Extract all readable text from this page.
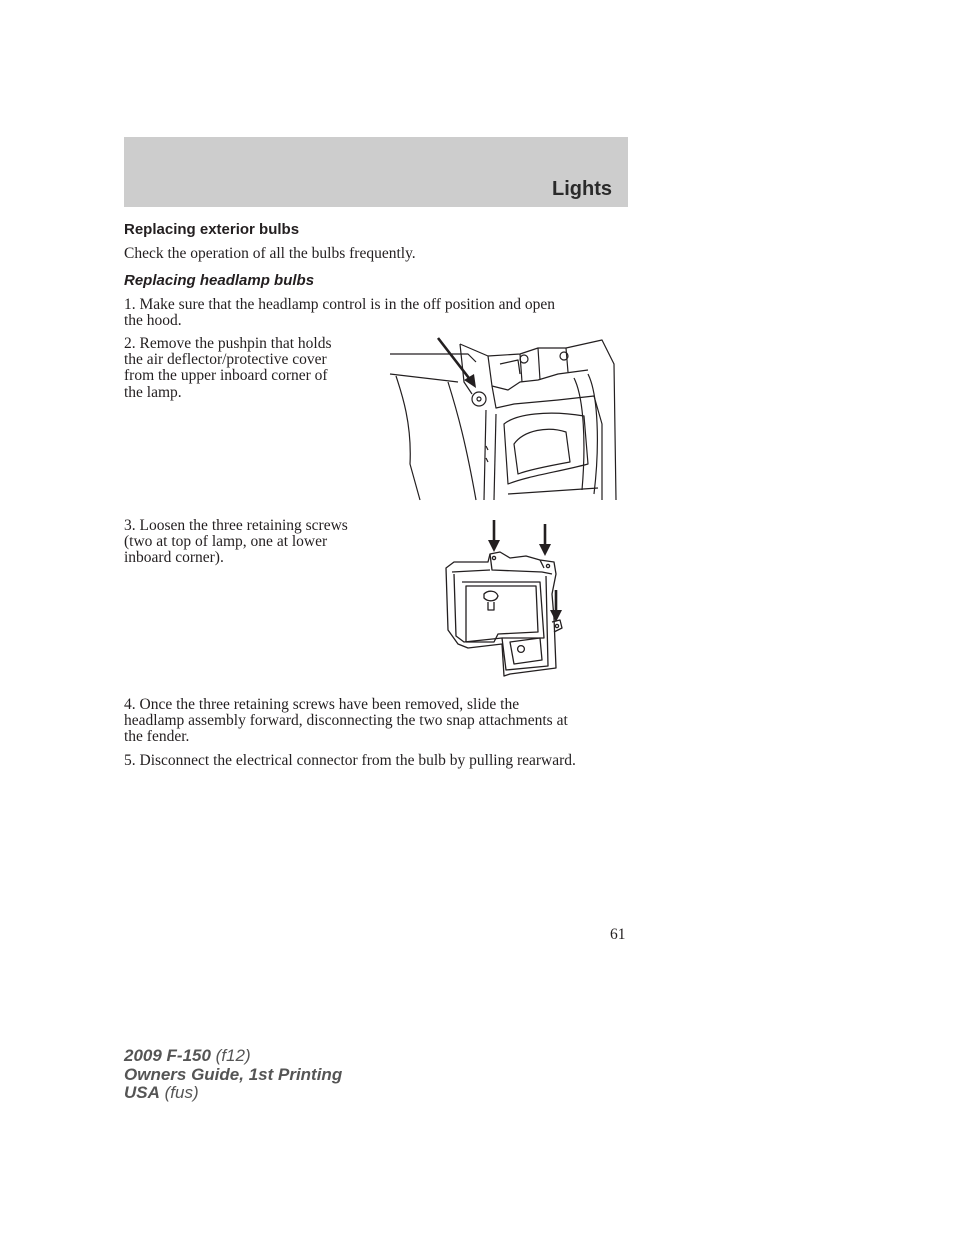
Lights
Replacing exterior bulbs
Check the operation of all the bulbs frequently.
Replacing headlamp bulbs
1. Make sure that the headlamp control is in the off position and open
the hood.
2. Remove the pushpin that holds
the air deflector/protective cover
from the upper inboard corner of
the lamp.
3. Loosen the three retaining screws
(two at top of lamp, one at lower
inboard corner).
4. Once the three retaining screws have been removed, slide the
headlamp assembly forward, disconnecting the two snap attachments at
the fender.
5. Disconnect the electrical connector from the bulb by pulling rearward.
61
2009 F-150 (f12)
Owners Guide, 1st Printing
USA (fus)
